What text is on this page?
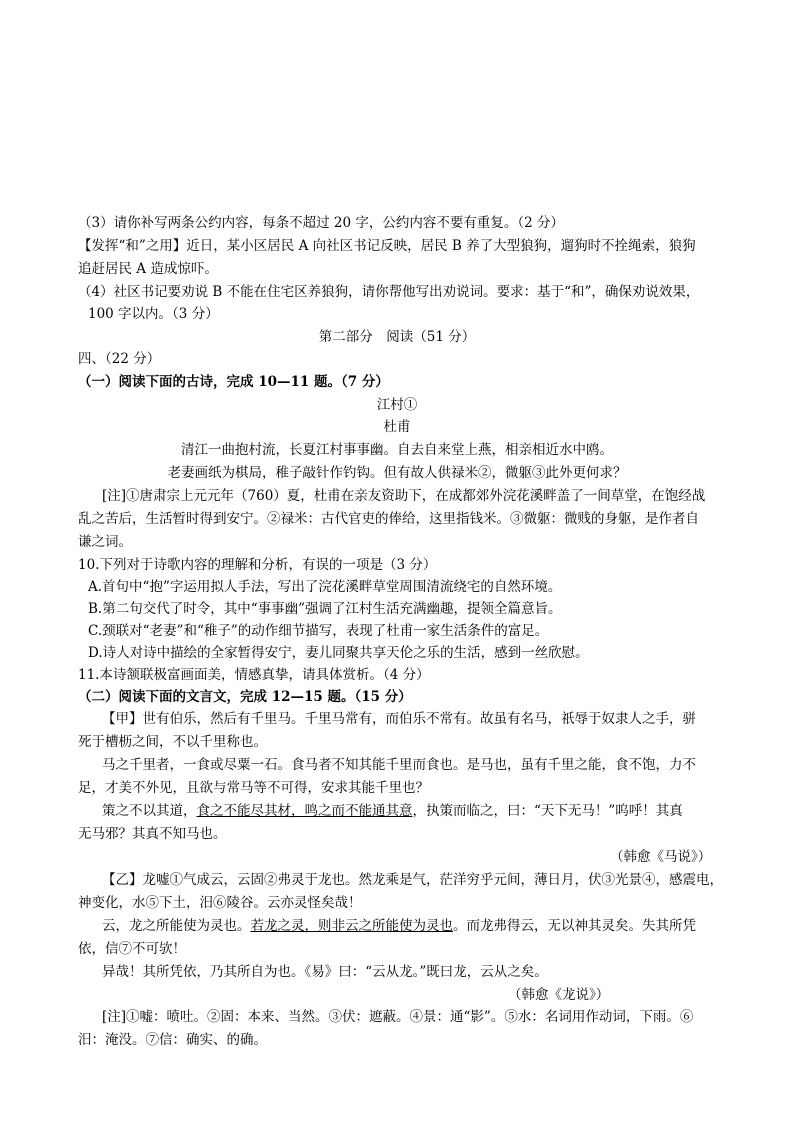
（3）请你补写两条公约内容，每条不超过 20 字，公约内容不要有重复。（2 分）
【发挥“和”之用】近日，某小区居民 A 向社区书记反映，居民 B 养了大型狼狗，遛狗时不拴绳索，狼狗
追赶居民 A 造成惊吓。
（4）社区书记要劝说 B 不能在住宅区养狼狗，请你帮他写出劝说词。要求：基于“和”，确保劝说效果，
100 字以内。（3 分）
第二部分　阅读（51 分）
四、（22 分）
（一）阅读下面的古诗，完成 10—11 题。（7 分）
江村①
杜甫
清江一曲抱村流，长夏江村事事幽。自去自来堂上燕，相亲相近水中鸥。
老妻画纸为棋局，稚子敲针作钓钩。但有故人供禄米②，微躯③此外更何求？
[注]①唐肃宗上元元年（760）夏，杜甫在亲友资助下，在成都郊外浣花溪畔盖了一间草堂，在饱经战
乱之苦后，生活暂时得到安宁。②禄米：古代官吏的俸给，这里指钱米。③微躯：微贱的身躯，是作者自
谦之词。
10.下列对于诗歌内容的理解和分析，有误的一项是（3 分）
A.首句中“抱”字运用拟人手法，写出了浣花溪畔草堂周围清流绕宅的自然环境。
B.第二句交代了时令，其中“事事幽”强调了江村生活充满幽趣，提领全篇意旨。
C.颈联对“老妻”和“稚子”的动作细节描写，表现了杜甫一家生活条件的富足。
D.诗人对诗中描绘的全家暂得安宁，妻儿同聚共享天伦之乐的生活，感到一丝欣慰。
11.本诗颔联极富画面美，情感真挚，请具体赏析。（4 分）
（二）阅读下面的文言文，完成 12—15 题。（15 分）
【甲】世有伯乐，然后有千里马。千里马常有，而伯乐不常有。故虽有名马，祇辱于奴隶人之手，骈
死于槽枥之间，不以千里称也。
马之千里者，一食或尽粟一石。食马者不知其能千里而食也。是马也，虽有千里之能，食不饱，力不
足，才美不外见，且欲与常马等不可得，安求其能千里也？
策之不以其道，食之不能尽其材，鸣之而不能通其意，执策而临之，曰：“天下无马！”呜呼！其真
无马邪？其真不知马也。
（韩愈《马说》）
【乙】龙嘘①气成云，云固②弗灵于龙也。然龙乘是气，茫洋穷乎元间，薄日月，伏③光景④，感震电，
神变化，水⑤下土，汨⑥陵谷。云亦灵怪矣哉！
云，龙之所能使为灵也。若龙之灵，则非云之所能使为灵也。而龙弗得云，无以神其灵矣。失其所凭
依，信⑦不可欤！
异哉！其所凭依，乃其所自为也。《易》曰：“云从龙。”既曰龙，云从之矣。
（韩愈《龙说》）
[注]①嘘：喷吐。②固：本来、当然。③伏：遮蔽。④景：通“影”。⑤水：名词用作动词，下雨。⑥
汨：淹没。⑦信：确实、的确。
